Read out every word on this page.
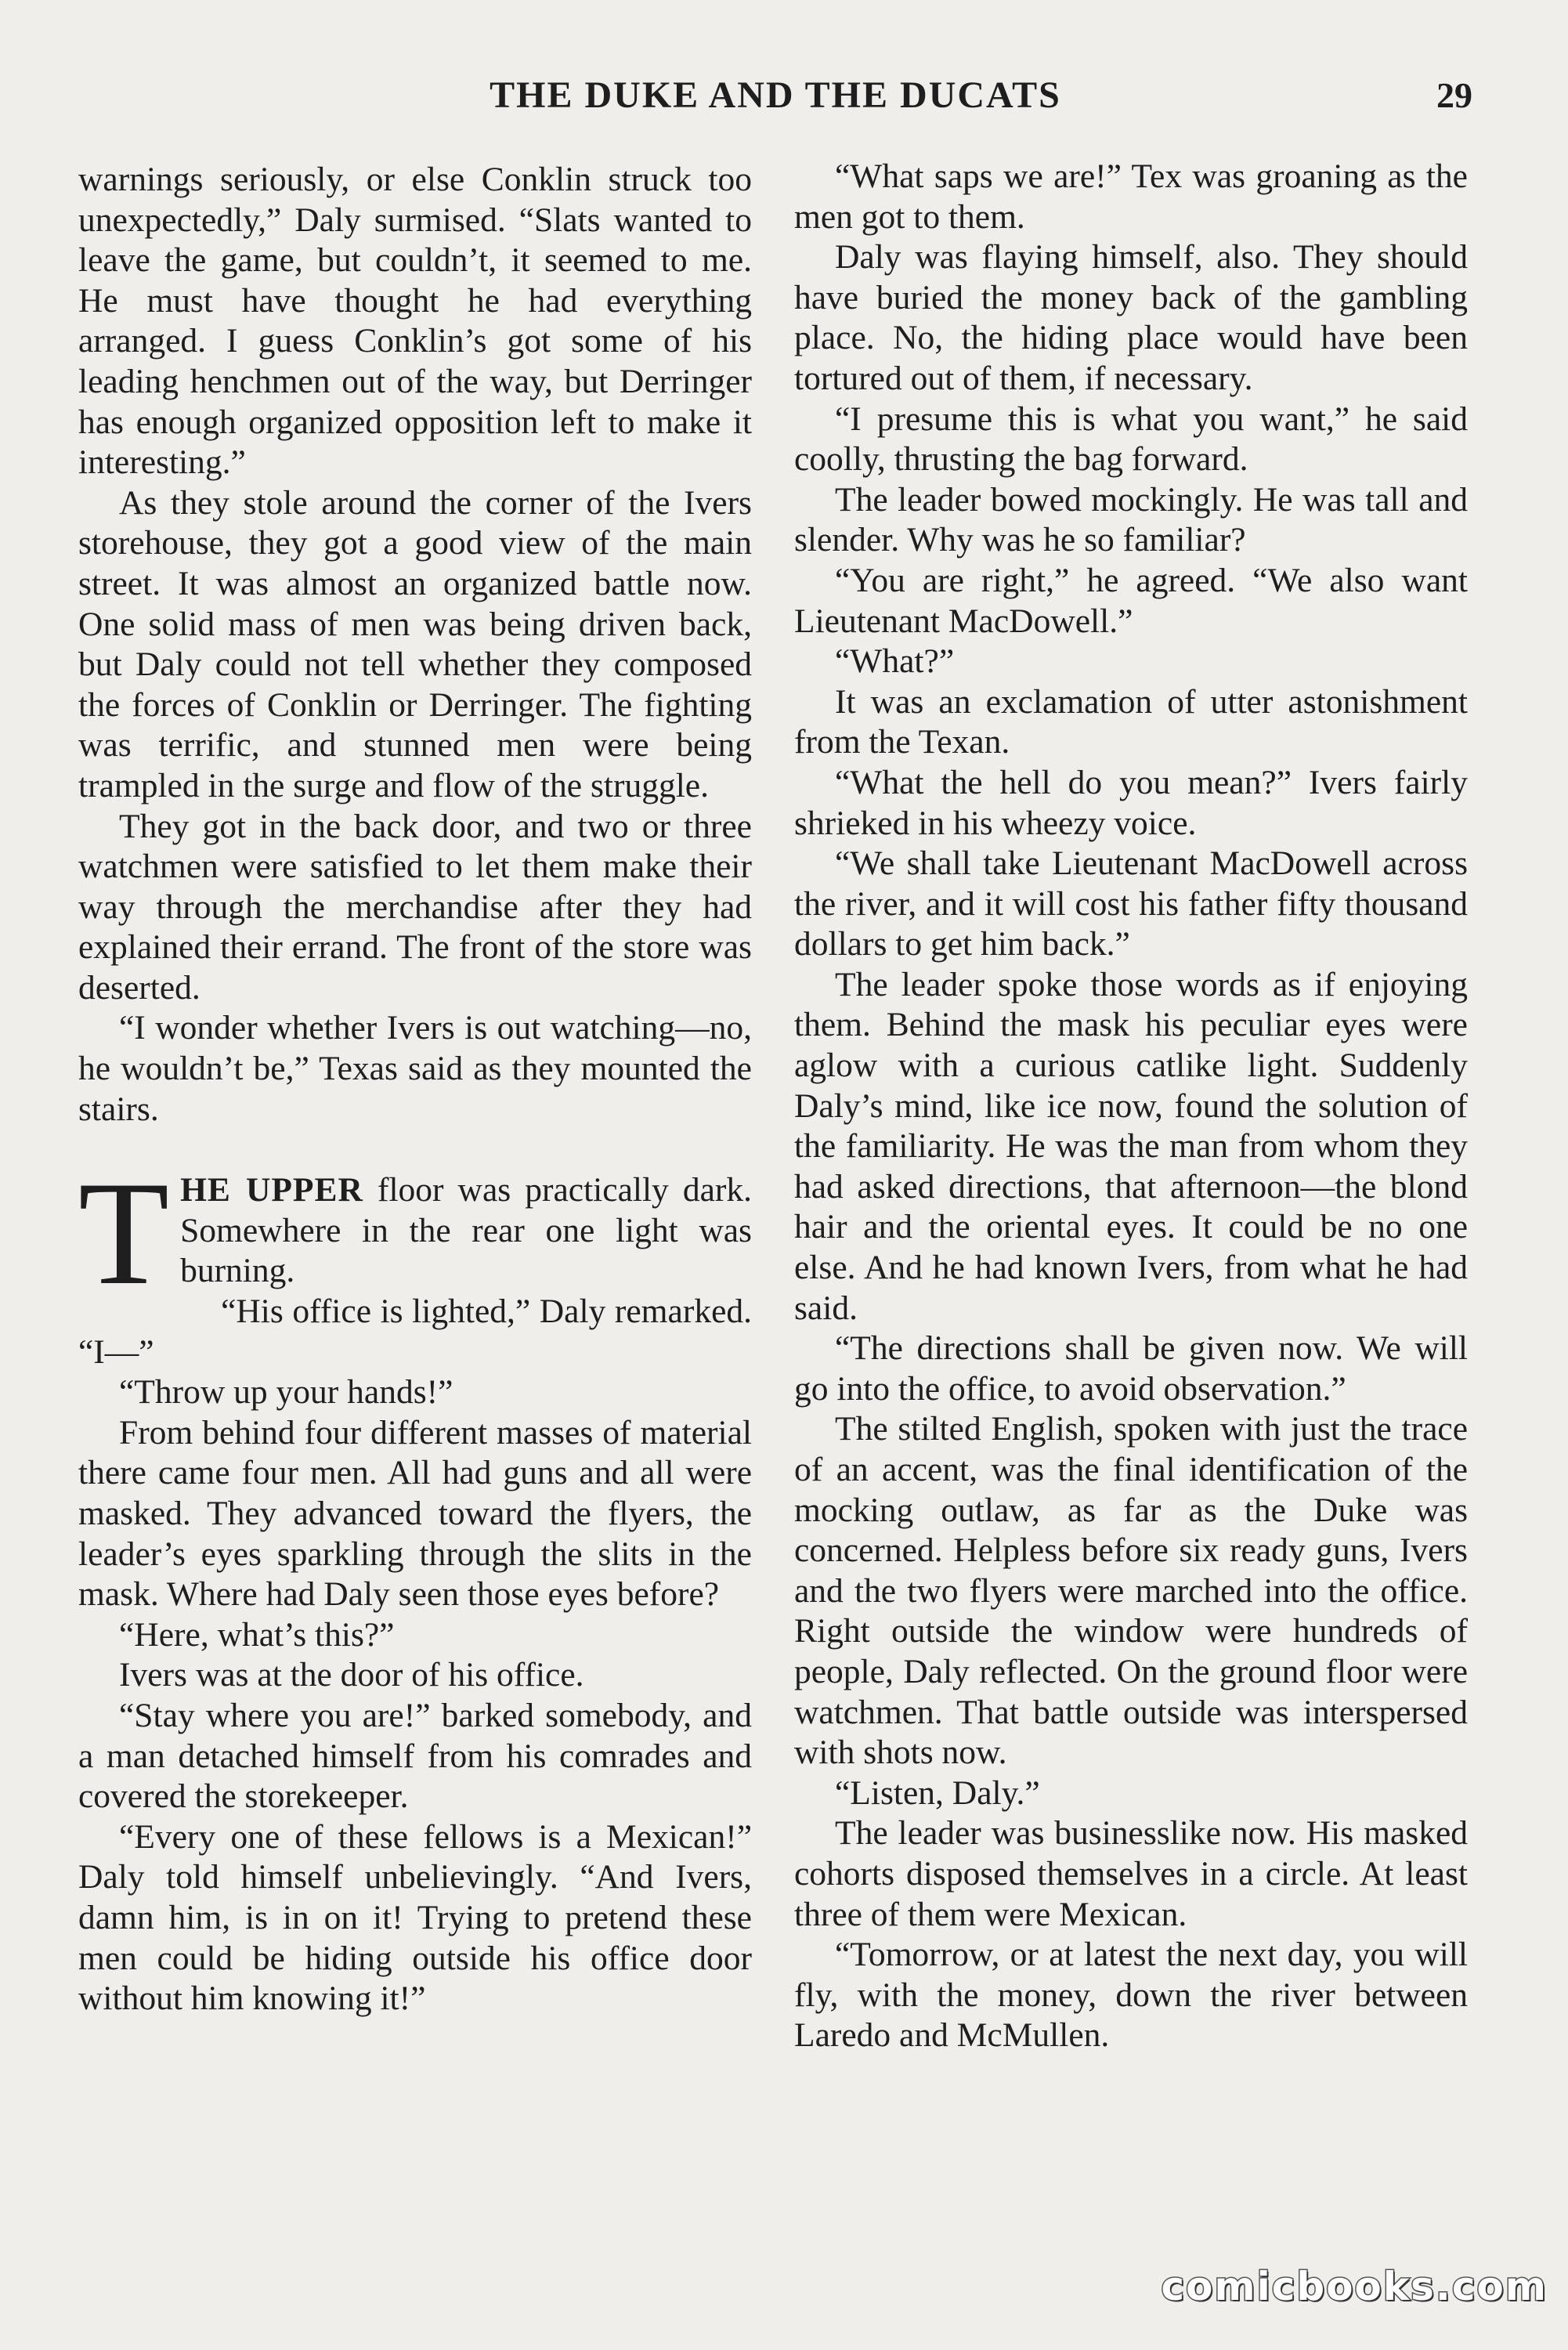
THE DUKE AND THE DUCATS	29

warnings seriously, or else Conklin struck too unexpectedly,” Daly surmised. “Slats wanted to leave the game, but couldn’t, it seemed to me. He must have thought he had everything arranged. I guess Conklin’s got some of his leading henchmen out of the way, but Derringer has enough organized opposition left to make it interesting.”

As they stole around the corner of the Ivers storehouse, they got a good view of the main street. It was almost an organized battle now. One solid mass of men was being driven back, but Daly could not tell whether they composed the forces of Conklin or Derringer. The fighting was terrific, and stunned men were being trampled in the surge and flow of the struggle.

They got in the back door, and two or three watchmen were satisfied to let them make their way through the merchandise after they had explained their errand. The front of the store was deserted.

“I wonder whether Ivers is out watching—no, he wouldn’t be,” Texas said as they mounted the stairs.

THE UPPER floor was practically dark. Somewhere in the rear one light was burning.

“His office is lighted,” Daly remarked. “I—”

“Throw up your hands!”

From behind four different masses of material there came four men. All had guns and all were masked. They advanced toward the flyers, the leader’s eyes sparkling through the slits in the mask. Where had Daly seen those eyes before?

“Here, what’s this?”

Ivers was at the door of his office.

“Stay where you are!” barked somebody, and a man detached himself from his comrades and covered the storekeeper.

“Every one of these fellows is a Mexican!” Daly told himself unbelievingly. “And Ivers, damn him, is in on it! Trying to pretend these men could be hiding outside his office door without him knowing it!”

“What saps we are!” Tex was groaning as the men got to them.

Daly was flaying himself, also. They should have buried the money back of the gambling place. No, the hiding place would have been tortured out of them, if necessary.

“I presume this is what you want,” he said coolly, thrusting the bag forward.

The leader bowed mockingly. He was tall and slender. Why was he so familiar?

“You are right,” he agreed. “We also want Lieutenant MacDowell.”

“What?”

It was an exclamation of utter astonishment from the Texan.

“What the hell do you mean?” Ivers fairly shrieked in his wheezy voice.

“We shall take Lieutenant MacDowell across the river, and it will cost his father fifty thousand dollars to get him back.”

The leader spoke those words as if enjoying them. Behind the mask his peculiar eyes were aglow with a curious catlike light. Suddenly Daly’s mind, like ice now, found the solution of the familiarity. He was the man from whom they had asked directions, that afternoon—the blond hair and the oriental eyes. It could be no one else. And he had known Ivers, from what he had said.

“The directions shall be given now. We will go into the office, to avoid observation.”

The stilted English, spoken with just the trace of an accent, was the final identification of the mocking outlaw, as far as the Duke was concerned. Helpless before six ready guns, Ivers and the two flyers were marched into the office. Right outside the window were hundreds of people, Daly reflected. On the ground floor were watchmen. That battle outside was interspersed with shots now.

“Listen, Daly.”

The leader was businesslike now. His masked cohorts disposed themselves in a circle. At least three of them were Mexican.

“Tomorrow, or at latest the next day, you will fly, with the money, down the river between Laredo and McMullen.

comicbooks.com
